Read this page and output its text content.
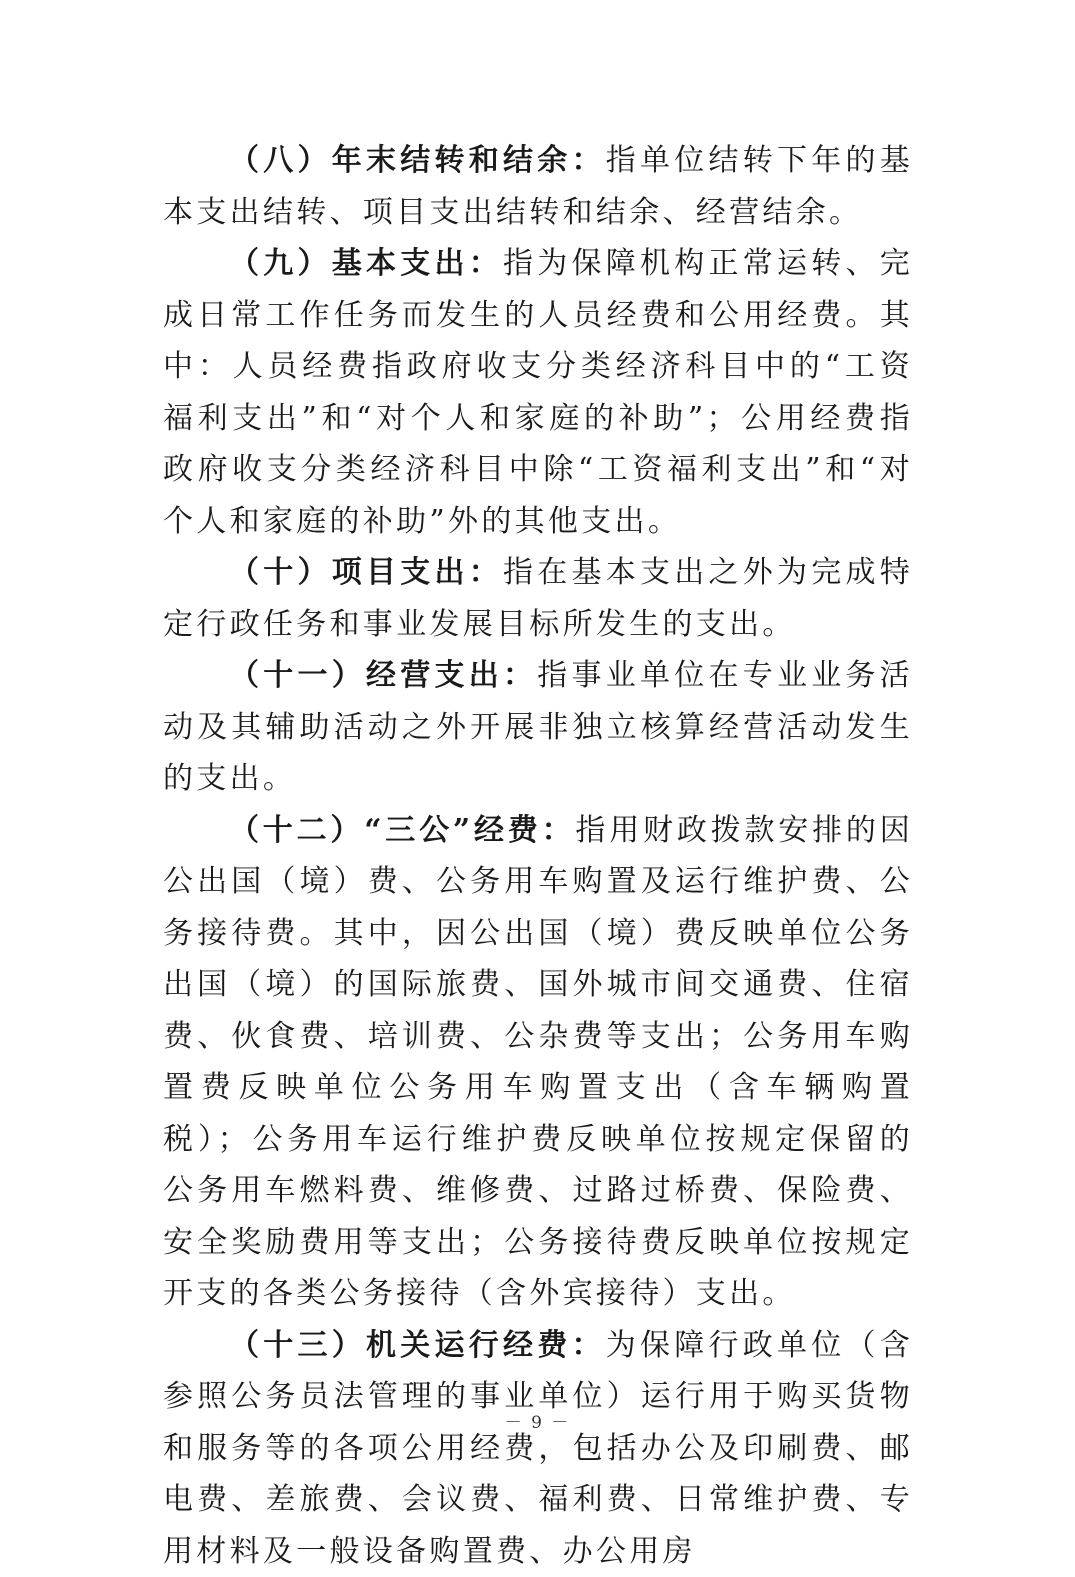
（八）年末结转和结余：指单位结转下年的基本支出结转、项目支出结转和结余、经营结余。

（九）基本支出：指为保障机构正常运转、完成日常工作任务而发生的人员经费和公用经费。其中：人员经费指政府收支分类经济科目中的“工资福利支出”和“对个人和家庭的补助”；公用经费指政府收支分类经济科目中除“工资福利支出”和“对个人和家庭的补助”外的其他支出。

（十）项目支出：指在基本支出之外为完成特定行政任务和事业发展目标所发生的支出。

（十一）经营支出：指事业单位在专业业务活动及其辅助活动之外开展非独立核算经营活动发生的支出。

（十二）“三公”经费：指用财政拨款安排的因公出国（境）费、公务用车购置及运行维护费、公务接待费。其中，因公出国（境）费反映单位公务出国（境）的国际旅费、国外城市间交通费、住宿费、伙食费、培训费、公杂费等支出；公务用车购置费反映单位公务用车购置支出（含车辆购置税）；公务用车运行维护费反映单位按规定保留的公务用车燃料费、维修费、过路过桥费、保险费、安全奖励费用等支出；公务接待费反映单位按规定开支的各类公务接待（含外宾接待）支出。

（十三）机关运行经费：为保障行政单位（含参照公务员法管理的事业单位）运行用于购买货物和服务等的各项公用经费，包括办公及印刷费、邮电费、差旅费、会议费、福利费、日常维护费、专用材料及一般设备购置费、办公用房

－ 9 －
